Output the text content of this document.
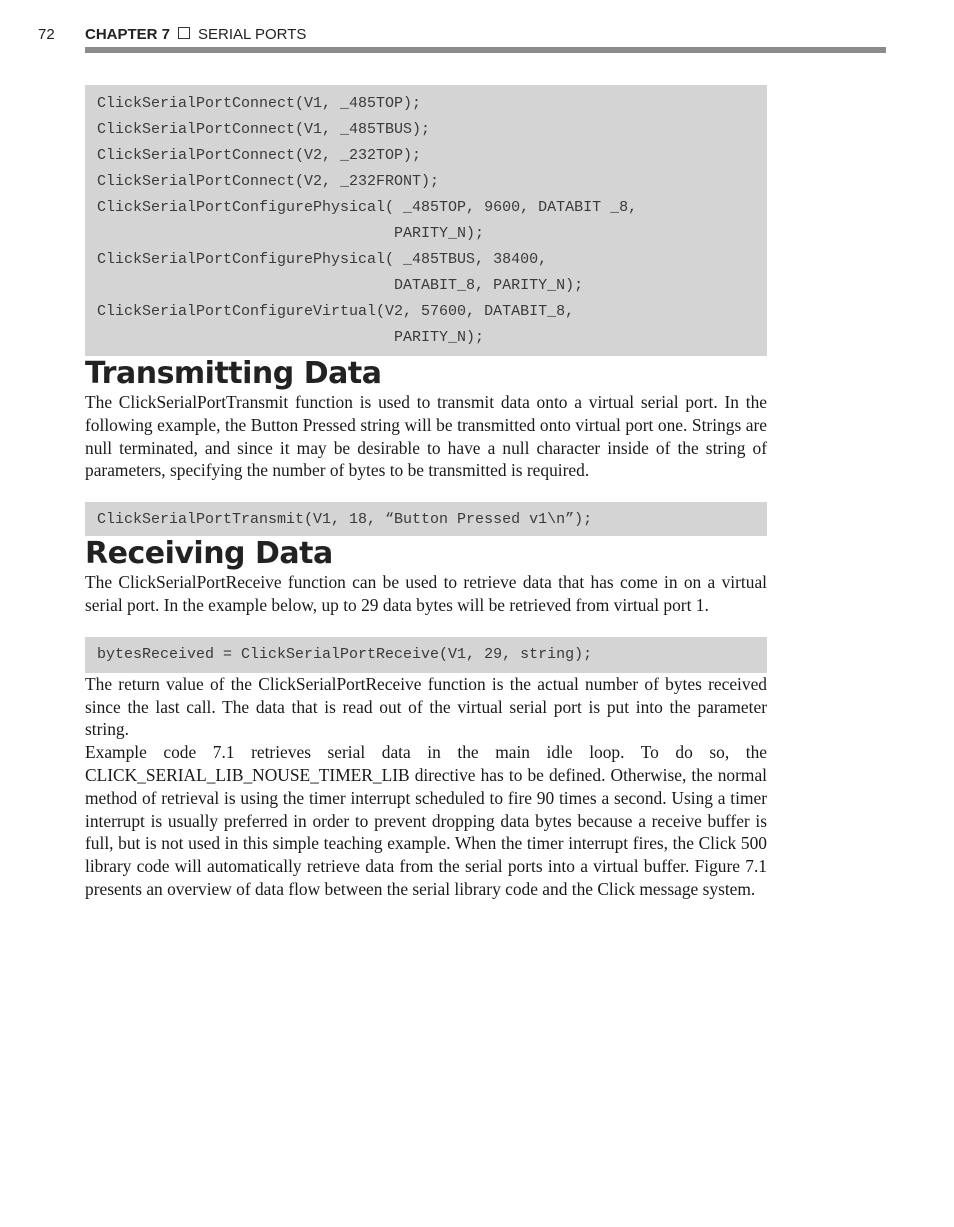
72 CHAPTER 7 SERIAL PORTS
ClickSerialPortConnect(V1, _485TOP);
ClickSerialPortConnect(V1, _485TBUS);
ClickSerialPortConnect(V2, _232TOP);
ClickSerialPortConnect(V2, _232FRONT);
ClickSerialPortConfigurePhysical( _485TOP, 9600, DATABIT _8,
PARITY_N);
ClickSerialPortConfigurePhysical( _485TBUS, 38400,
DATABIT_8, PARITY_N);
ClickSerialPortConfigureVirtual(V2, 57600, DATABIT_8,
PARITY_N);
Transmitting Data

The ClickSerialPortTransmit function is used to transmit data onto a virtual serial port. In the following example, the Button Pressed string will be transmitted onto virtual port one. Strings are null terminated, and since it may be desirable to have a null character inside of the string of parameters, specifying the number of bytes to be transmitted is required.

ClickSerialPortTransmit(V1, 18, “Button Pressed v1\n”);
Receiving Data

The ClickSerialPortReceive function can be used to retrieve data that has come in on a virtual serial port. In the example below, up to 29 data bytes will be retrieved from virtual port 1.

bytesReceived = ClickSerialPortReceive(V1, 29, string);

The return value of the ClickSerialPortReceive function is the actual number of bytes received since the last call. The data that is read out of the virtual serial port is put into the parameter string.

Example code 7.1 retrieves serial data in the main idle loop. To do so, the CLICK_SERIAL_LIB_NOUSE_TIMER_LIB directive has to be defined. Otherwise, the normal method of retrieval is using the timer interrupt scheduled to fire 90 times a second. Using a timer interrupt is usually preferred in order to prevent dropping data bytes because a receive buffer is full, but is not used in this simple teaching example. When the timer interrupt fires, the Click 500 library code will automatically retrieve data from the serial ports into a virtual buffer. Figure 7.1 presents an overview of data flow between the serial library code and the Click message system.
